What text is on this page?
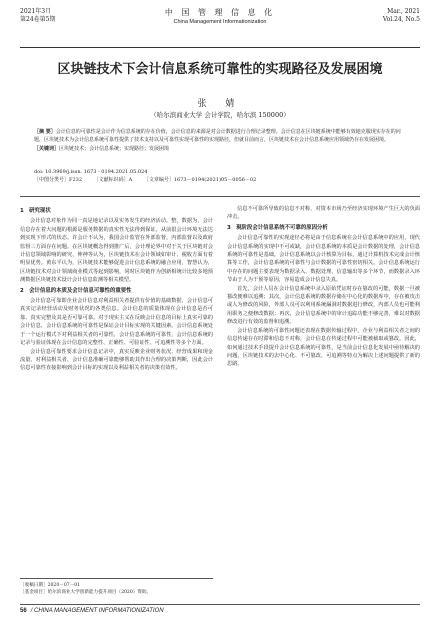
2021年3月
第24卷第5期
中 国 管 理 信 息 化
China Management Informationization
Mar., 2021
Vol.24, No.5
区块链技术下会计信息系统可靠性的实现路径及发展困境
张 婧
（哈尔滨商业大学 会计学院，哈尔滨 150000）

［摘 要］会计信息的可靠性是会计作为信息系统的存在价值，会计信息的来源是对会计数据进行合理记录整理。会计信息在区块链系统中能够有效地克服现实存在的问题，区块链技术为会计信息系统可靠性提供了技术支持以及可靠性实现可靠性的实现路径，但就目前而言，区块链技术在会计信息系统应用领域仍存在发展困境。

［关键词］区块链技术；会计信息系统；实现路径；发展困境

doi: 10.3969/j.issn. 1673 - 0194.2021.05.024
［中图分类号］F232 ［文献标识码］A ［文章编号］1673－0194(2021)05－0056－02
1　研究现状

会计信息对象作为同一真是地记录以及实务发生的经济活动。整，数据为，会计信息存在着大问题的根源是服务数据的真实性无法得到保证。从前很会计环境无法达到实现下形式的状态。许会计不认为，我国会计监管在外部监督，内部监督以及政府监督三方面存在问题。在区块链概念得到推广后，会计理论界中对于关于区块链对会计信息领域影响的研究、伸神等认为，区块链技术在会计领域如审计、税收方面有着明显优势。黄东平认为，区块链技术能够促进会计信息系统的融合应用，智慧认为，区块链技术对会计领域商业模式等起到影响，同时区块链作为创新相统计比较多地预测数据区块链技术设计会计信息监测等相关模型。

2　会计信息的本质及会计信息可靠性的重要性

会计信息可靠即企业会计信息对利益相关者提供有价值的基础数据，会计信息可真实记录经营活动及财务状况的各类信息。会计信息的质量体现在会计信息是否可靠、真实完整及其是否可靠可靠。对于现实主义在反映会计信息的目标上真实可靠的会计信息，会计信息系统的可靠性是保证会计目标实现的关键因素。会计信息系统处于一个运行模式下对利益相关者的可靠性，会计信息系统的可靠性，会计信息系统的记录与验证体现在会计信息的完整性、正确性、可验证性、可追溯性等多个方面。

会计信息可靠性要求会计信息记录中，真实反映企业财务状况、经营成果和现金流量，对利益相关者，会计信息准确可靠能够帮助其作出合理的决策判断，因此会计信息可靠性直接影响到会计目标的实现以及利益相关者的决策有效性。

信息不可靠所导致的信息不对称，对资本市场乃至经济实现环境产生巨大的负面冲击。

3　現阶段会计信息系统不可靠的原因分析

会计信息可靠性的实现途径必将是由于信息系统在会计信息系统中的应用，现代会计信息系统的实现中不可或缺，会计信息系统的本质是会计数据的处理，会计信息系统的可靠性是基础，会计信息系统以会计核算为目标，通过计算机技术完成会计核算等工作，会计信息系统的可靠性与会计数据的可靠性密切相关。会计信息系统运行中存在的问题主要表现为数据录入、数据处理、信息输出等多个环节，而数据录入环节由于人为干预等原因，容易造成会计信息失真。

首先，会计人员在会计信息系统中录入原始凭证时存在篡改的可能，数据一旦被篡改便难以追溯；其次，会计信息系统的数据存储在中心化的数据库中，存在被攻击或人为修改的风险，外部人员可以利用系统漏洞对数据进行修改，内部人员也可能利用职务之便修改数据；再次，会计信息系统中的审计追踪功能不够完善，难以对数据修改进行有效的监督和追溯。

会计信息系统的可靠性问题还表现在数据传输过程中，企业与利益相关者之间的信息传递存在时滞和信息不对称，会计信息在传递过程中可能被截取或篡改。因此，如何通过技术手段提升会计信息系统的可靠性，是当前会计信息化发展中亟待解决的问题，区块链技术的去中心化、不可篡改、可追溯等特点为解决上述问题提供了新的思路。

［收稿日期］2020－07－01
［基金项目］哈尔滨商业大学创新能力提升项目（2020）资助。
56 / CHINA MANAGEMENT INFORMATIONIZATION
